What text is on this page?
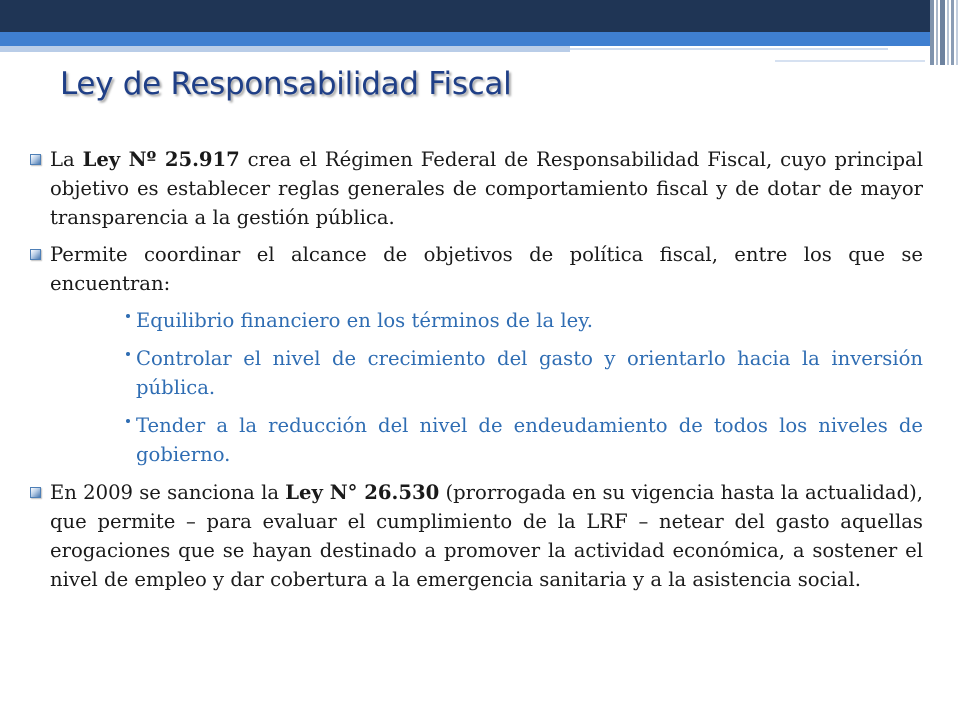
Ley de Responsabilidad Fiscal
La Ley Nº 25.917 crea el Régimen Federal de Responsabilidad Fiscal, cuyo principal objetivo es establecer reglas generales de comportamiento fiscal y de dotar de mayor transparencia a la gestión pública.
Permite coordinar el alcance de objetivos de política fiscal, entre los que se encuentran:
Equilibrio financiero en los términos de la ley.
Controlar el nivel de crecimiento del gasto y orientarlo hacia la inversión pública.
Tender a la reducción del nivel de endeudamiento de todos los niveles de gobierno.
En 2009 se sanciona la Ley N° 26.530 (prorrogada en su vigencia hasta la actualidad), que permite – para evaluar el cumplimiento de la LRF – netear del gasto aquellas erogaciones que se hayan destinado a promover la actividad económica, a sostener el nivel de empleo y dar cobertura a la emergencia sanitaria y a la asistencia social.
